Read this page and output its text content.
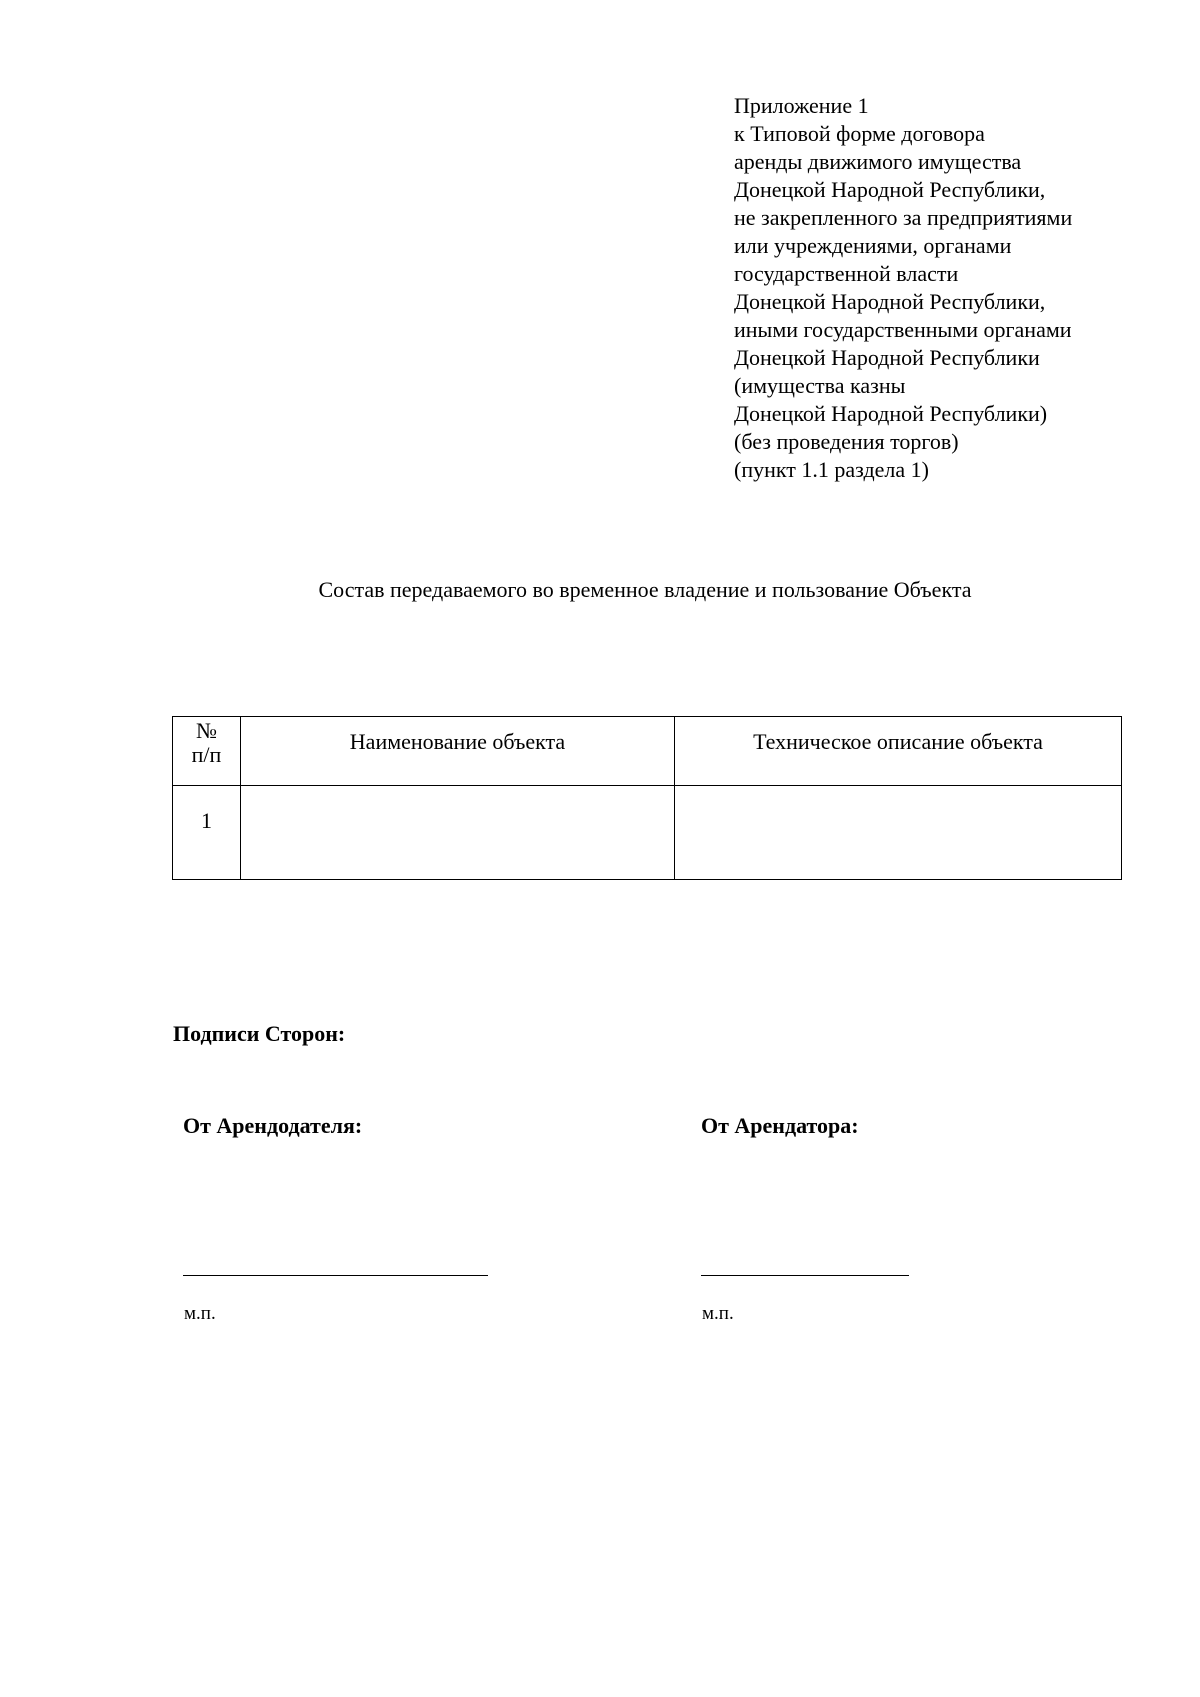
Приложение 1
к Типовой форме договора
аренды движимого имущества
Донецкой Народной Республики,
не закрепленного за предприятиями
или учреждениями, органами
государственной власти
Донецкой Народной Республики,
иными государственными органами
Донецкой Народной Республики
(имущества казны
Донецкой Народной Республики)
(без проведения торгов)
(пункт 1.1 раздела 1)
Состав передаваемого во временное владение и пользование Объекта
№
п/п	Наименование объекта	Техническое описание объекта
1		
Подписи Сторон:
От Арендодателя:	От Арендатора:
м.п.	м.п.
